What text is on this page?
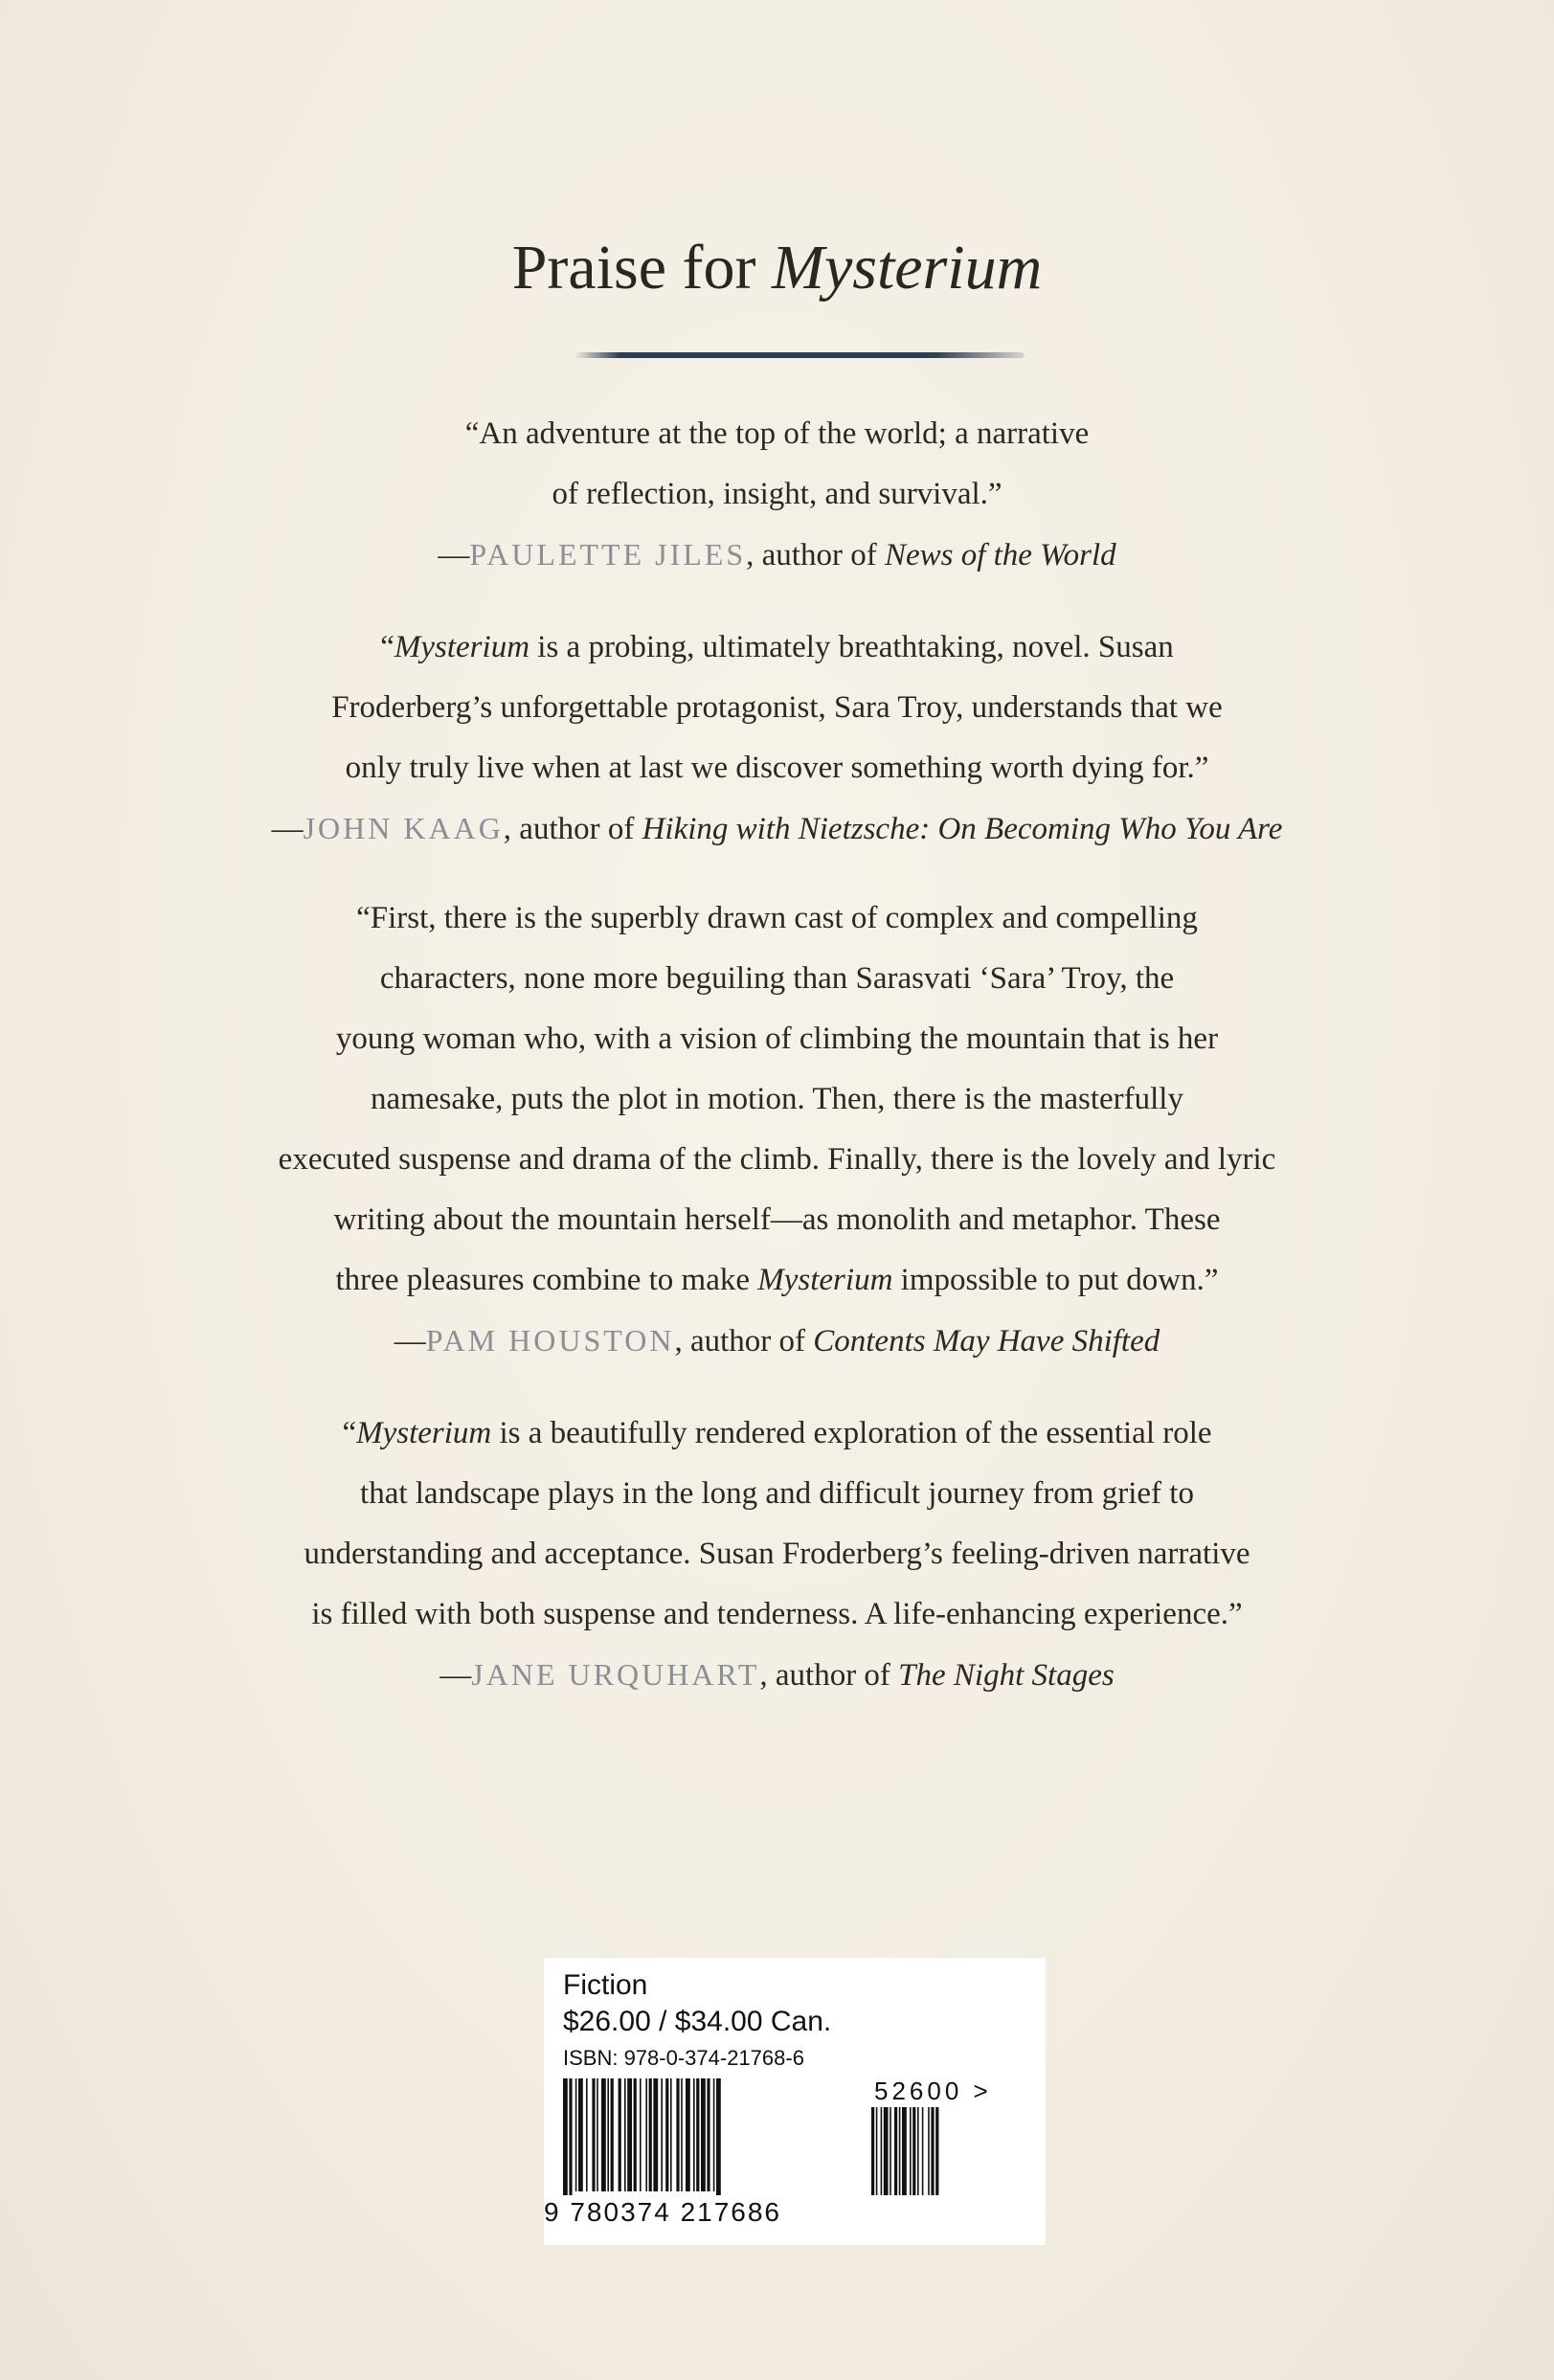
Praise for Mysterium
“An adventure at the top of the world; a narrative
of reflection, insight, and survival.”
—PAULETTE JILES, author of News of the World
“Mysterium is a probing, ultimately breathtaking, novel. Susan
Froderberg’s unforgettable protagonist, Sara Troy, understands that we
only truly live when at last we discover something worth dying for.”
—JOHN KAAG, author of Hiking with Nietzsche: On Becoming Who You Are
“First, there is the superbly drawn cast of complex and compelling
characters, none more beguiling than Sarasvati ‘Sara’ Troy, the
young woman who, with a vision of climbing the mountain that is her
namesake, puts the plot in motion. Then, there is the masterfully
executed suspense and drama of the climb. Finally, there is the lovely and lyric
writing about the mountain herself—as monolith and metaphor. These
three pleasures combine to make Mysterium impossible to put down.”
—PAM HOUSTON, author of Contents May Have Shifted
“Mysterium is a beautifully rendered exploration of the essential role
that landscape plays in the long and difficult journey from grief to
understanding and acceptance. Susan Froderberg’s feeling-driven narrative
is filled with both suspense and tenderness. A life-enhancing experience.”
—JANE URQUHART, author of The Night Stages
Fiction
$26.00 / $34.00 Can.
ISBN: 978-0-374-21768-6
52600 >
9 780374 217686
